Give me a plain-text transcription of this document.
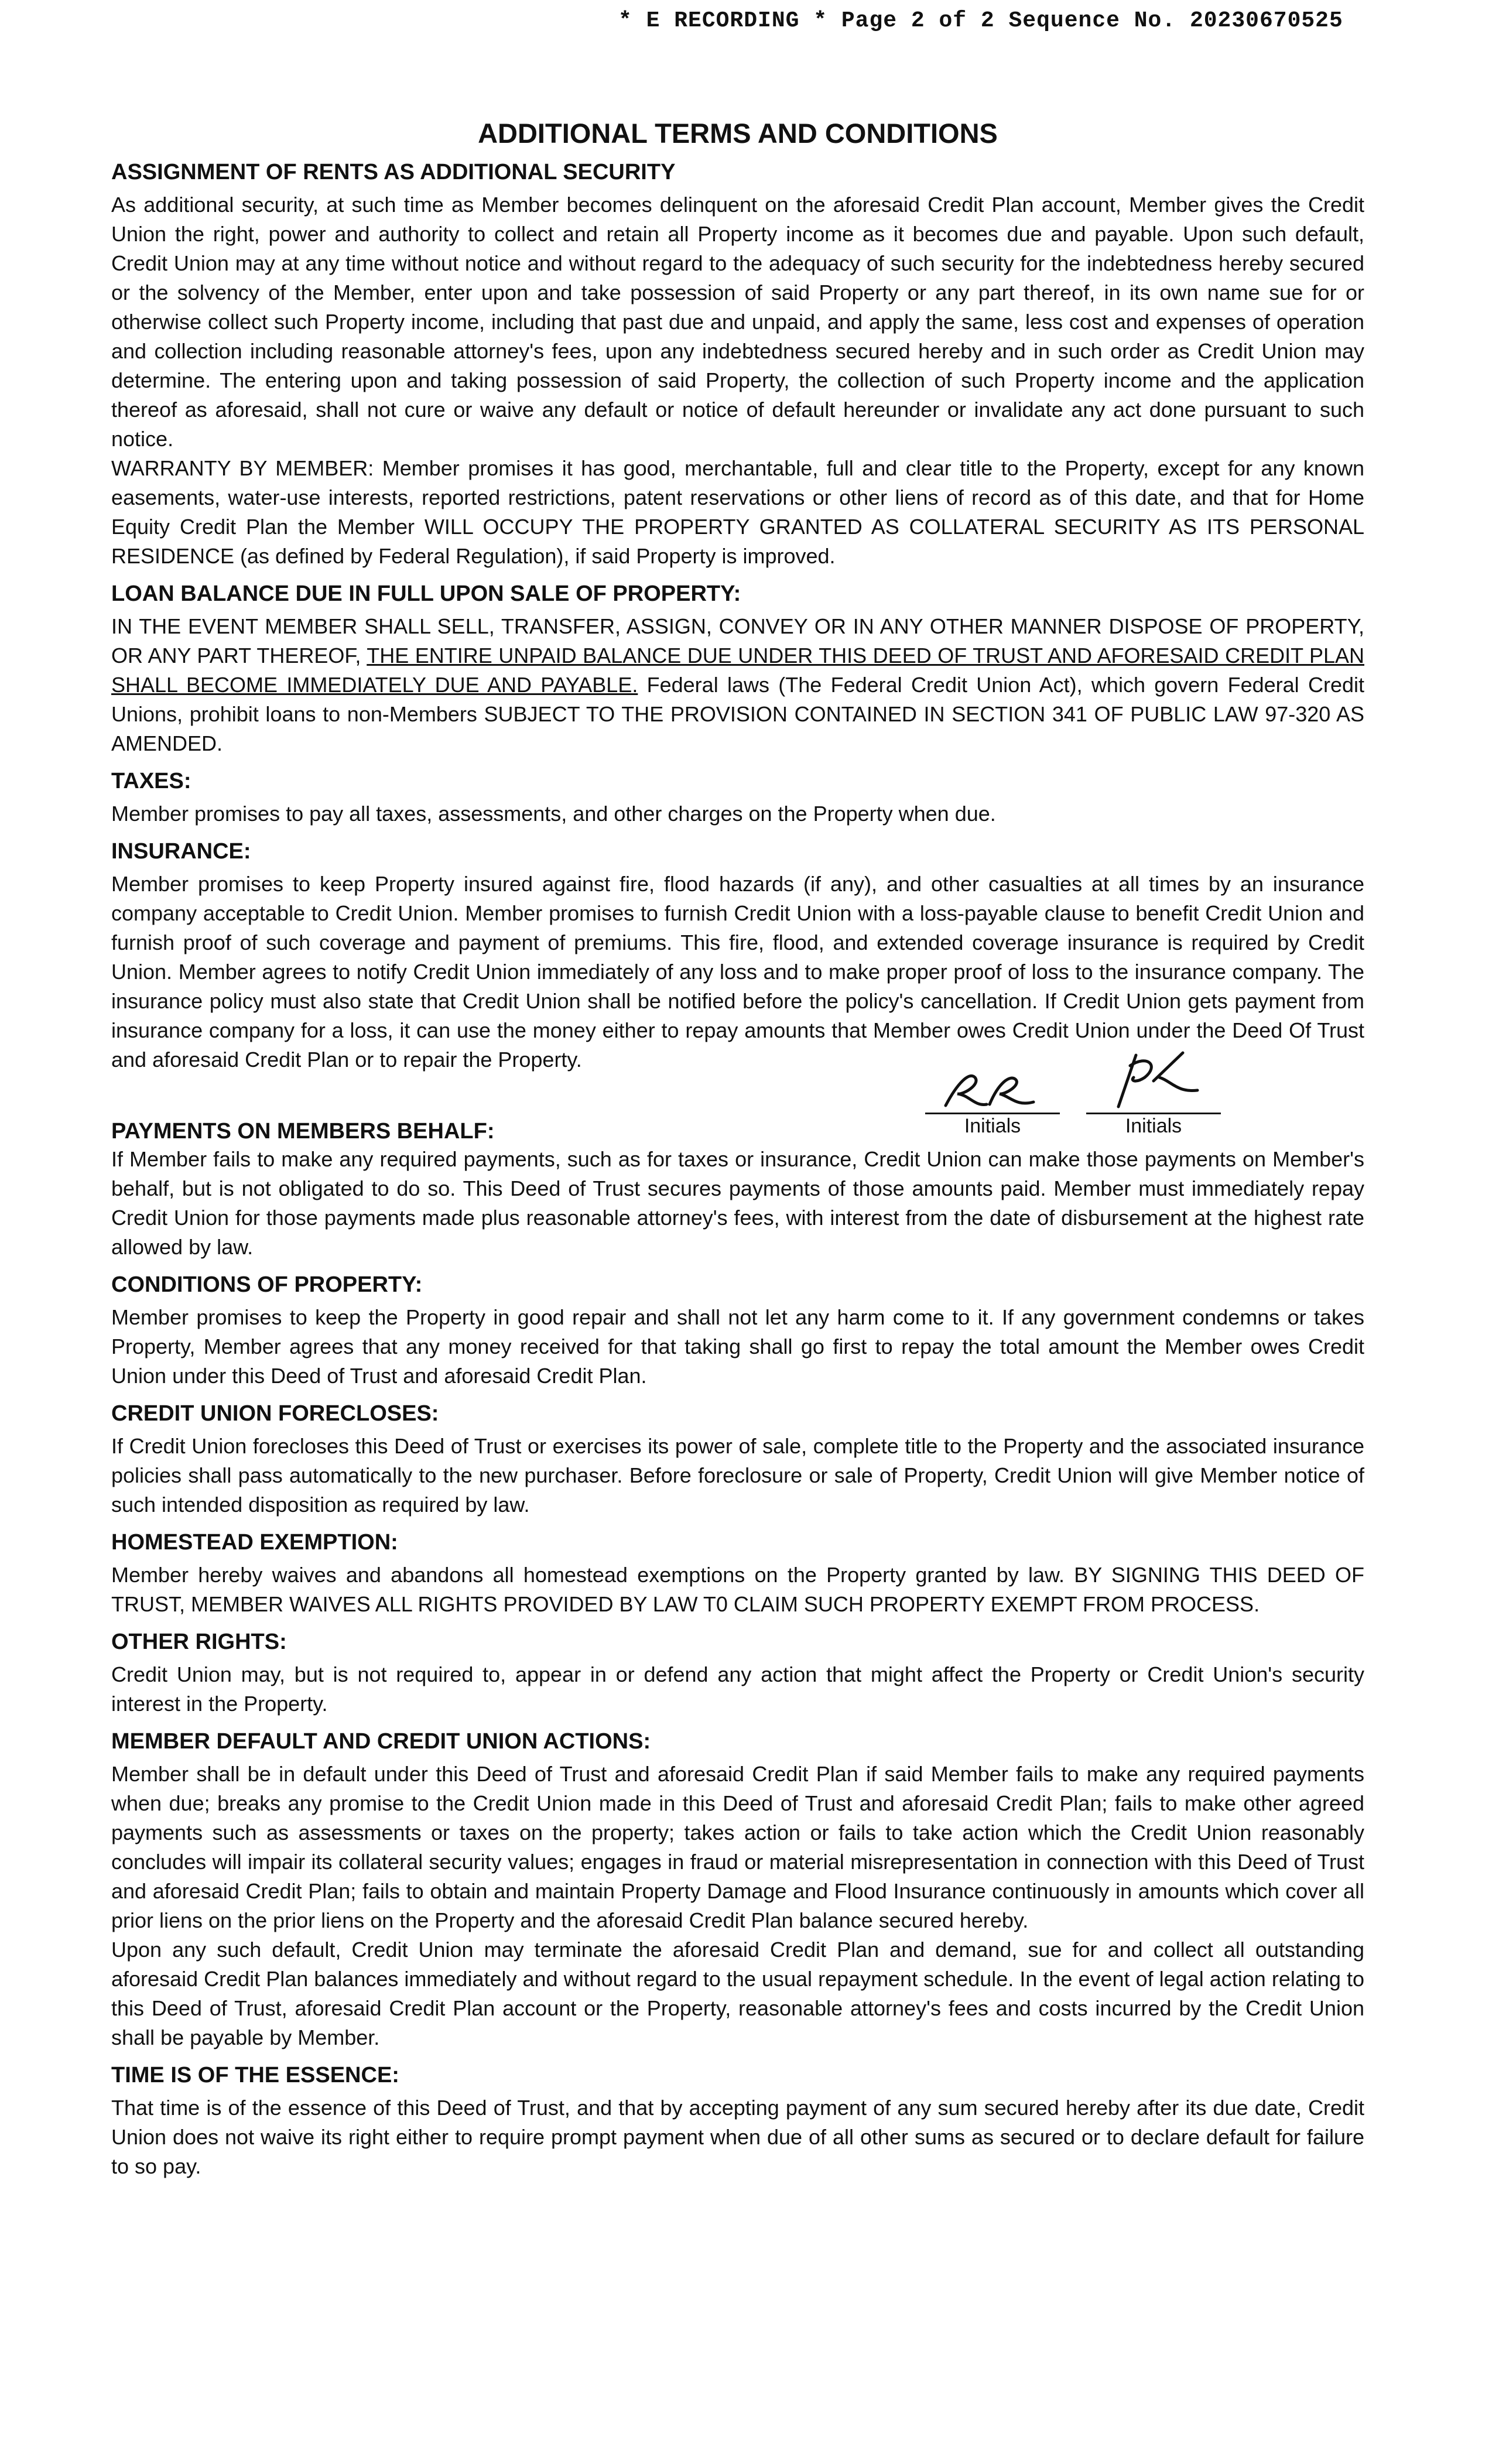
* E RECORDING * Page 2 of 2 Sequence No. 20230670525
ADDITIONAL TERMS AND CONDITIONS
ASSIGNMENT OF RENTS AS ADDITIONAL SECURITY

As additional security, at such time as Member becomes delinquent on the aforesaid Credit Plan account, Member gives the Credit Union the right, power and authority to collect and retain all Property income as it becomes due and payable. Upon such default, Credit Union may at any time without notice and without regard to the adequacy of such security for the indebtedness hereby secured or the solvency of the Member, enter upon and take possession of said Property or any part thereof, in its own name sue for or otherwise collect such Property income, including that past due and unpaid, and apply the same, less cost and expenses of operation and collection including reasonable attorney's fees, upon any indebtedness secured hereby and in such order as Credit Union may determine. The entering upon and taking possession of said Property, the collection of such Property income and the application thereof as aforesaid, shall not cure or waive any default or notice of default hereunder or invalidate any act done pursuant to such notice.

WARRANTY BY MEMBER: Member promises it has good, merchantable, full and clear title to the Property, except for any known easements, water-use interests, reported restrictions, patent reservations or other liens of record as of this date, and that for Home Equity Credit Plan the Member WILL OCCUPY THE PROPERTY GRANTED AS COLLATERAL SECURITY AS ITS PERSONAL RESIDENCE (as defined by Federal Regulation), if said Property is improved.

LOAN BALANCE DUE IN FULL UPON SALE OF PROPERTY:

IN THE EVENT MEMBER SHALL SELL, TRANSFER, ASSIGN, CONVEY OR IN ANY OTHER MANNER DISPOSE OF PROPERTY, OR ANY PART THEREOF, THE ENTIRE UNPAID BALANCE DUE UNDER THIS DEED OF TRUST AND AFORESAID CREDIT PLAN SHALL BECOME IMMEDIATELY DUE AND PAYABLE. Federal laws (The Federal Credit Union Act), which govern Federal Credit Unions, prohibit loans to non-Members SUBJECT TO THE PROVISION CONTAINED IN SECTION 341 OF PUBLIC LAW 97-320 AS AMENDED.

TAXES:

Member promises to pay all taxes, assessments, and other charges on the Property when due.

INSURANCE:

Member promises to keep Property insured against fire, flood hazards (if any), and other casualties at all times by an insurance company acceptable to Credit Union. Member promises to furnish Credit Union with a loss-payable clause to benefit Credit Union and furnish proof of such coverage and payment of premiums. This fire, flood, and extended coverage insurance is required by Credit Union. Member agrees to notify Credit Union immediately of any loss and to make proper proof of loss to the insurance company. The insurance policy must also state that Credit Union shall be notified before the policy's cancellation. If Credit Union gets payment from insurance company for a loss, it can use the money either to repay amounts that Member owes Credit Union under the Deed Of Trust and aforesaid Credit Plan or to repair the Property.

PAYMENTS ON MEMBERS BEHALF:	Initials	Initials

If Member fails to make any required payments, such as for taxes or insurance, Credit Union can make those payments on Member's behalf, but is not obligated to do so. This Deed of Trust secures payments of those amounts paid. Member must immediately repay Credit Union for those payments made plus reasonable attorney's fees, with interest from the date of disbursement at the highest rate allowed by law.

CONDITIONS OF PROPERTY:

Member promises to keep the Property in good repair and shall not let any harm come to it. If any government condemns or takes Property, Member agrees that any money received for that taking shall go first to repay the total amount the Member owes Credit Union under this Deed of Trust and aforesaid Credit Plan.

CREDIT UNION FORECLOSES:

If Credit Union forecloses this Deed of Trust or exercises its power of sale, complete title to the Property and the associated insurance policies shall pass automatically to the new purchaser. Before foreclosure or sale of Property, Credit Union will give Member notice of such intended disposition as required by law.

HOMESTEAD EXEMPTION:

Member hereby waives and abandons all homestead exemptions on the Property granted by law. BY SIGNING THIS DEED OF TRUST, MEMBER WAIVES ALL RIGHTS PROVIDED BY LAW T0 CLAIM SUCH PROPERTY EXEMPT FROM PROCESS.

OTHER RIGHTS:

Credit Union may, but is not required to, appear in or defend any action that might affect the Property or Credit Union's security interest in the Property.

MEMBER DEFAULT AND CREDIT UNION ACTIONS:

Member shall be in default under this Deed of Trust and aforesaid Credit Plan if said Member fails to make any required payments when due; breaks any promise to the Credit Union made in this Deed of Trust and aforesaid Credit Plan; fails to make other agreed payments such as assessments or taxes on the property; takes action or fails to take action which the Credit Union reasonably concludes will impair its collateral security values; engages in fraud or material misrepresentation in connection with this Deed of Trust and aforesaid Credit Plan; fails to obtain and maintain Property Damage and Flood Insurance continuously in amounts which cover all prior liens on the prior liens on the Property and the aforesaid Credit Plan balance secured hereby.

Upon any such default, Credit Union may terminate the aforesaid Credit Plan and demand, sue for and collect all outstanding aforesaid Credit Plan balances immediately and without regard to the usual repayment schedule. In the event of legal action relating to this Deed of Trust, aforesaid Credit Plan account or the Property, reasonable attorney's fees and costs incurred by the Credit Union shall be payable by Member.

TIME IS OF THE ESSENCE:

That time is of the essence of this Deed of Trust, and that by accepting payment of any sum secured hereby after its due date, Credit Union does not waive its right either to require prompt payment when due of all other sums as secured or to declare default for failure to so pay.
